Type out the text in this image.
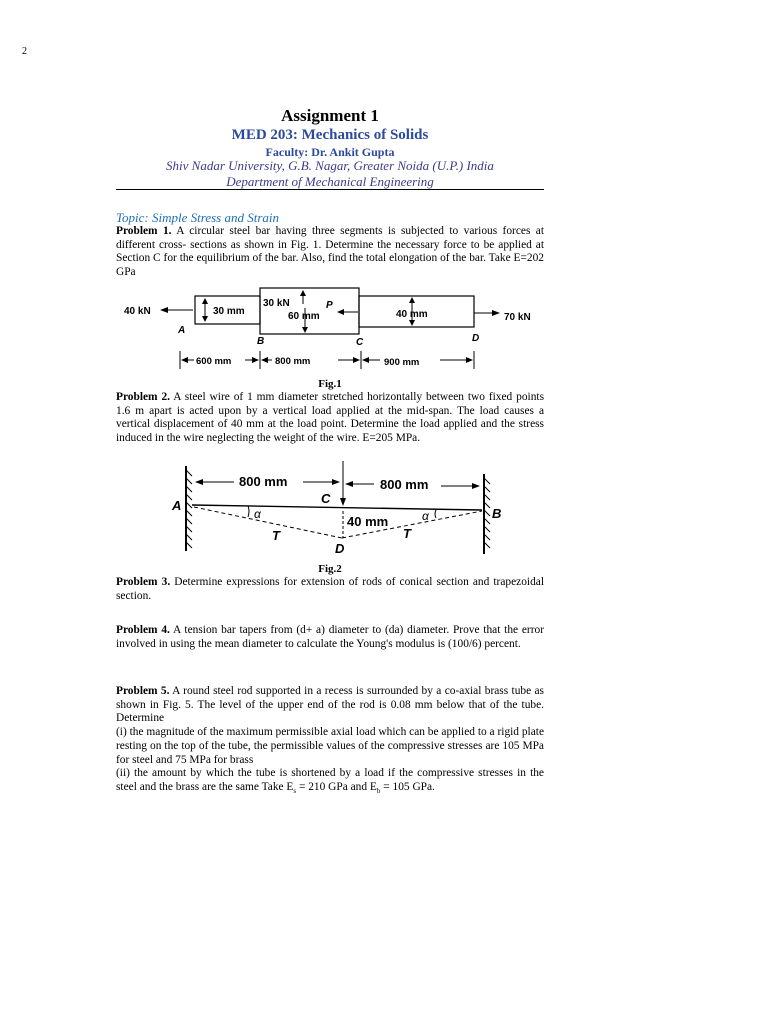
2
Assignment 1
MED 203: Mechanics of Solids
Faculty: Dr. Ankit Gupta
Shiv Nadar University, G.B. Nagar, Greater Noida (U.P.) India
Department of Mechanical Engineering
Topic: Simple Stress and Strain
Problem 1. A circular steel bar having three segments is subjected to various forces at different cross- sections as shown in Fig. 1. Determine the necessary force to be applied at Section C for the equilibrium of the bar. Also, find the total elongation of the bar. Take E=202 GPa
40 kN
70 kN
30 mm
30 kN
60 mm
P
40 mm
A
B	C	D
600 mm	800 mm	900 mm
Fig.1
Problem 2. A steel wire of 1 mm diameter stretched horizontally between two fixed points 1.6 m apart is acted upon by a vertical load applied at the mid-span. The load causes a vertical displacement of 40 mm at the load point. Determine the load applied and the stress induced in the wire neglecting the weight of the wire. E=205 MPa.
800 mm	800 mm
A
B
C
D
40 mm
α	α
T	T
Fig.2
Problem 3. Determine expressions for extension of rods of conical section and trapezoidal section.
Problem 4. A tension bar tapers from (d+ a) diameter to (da) diameter. Prove that the error involved in using the mean diameter to calculate the Young's modulus is (100/6) percent.
Problem 5. A round steel rod supported in a recess is surrounded by a co-axial brass tube as shown in Fig. 5. The level of the upper end of the rod is 0.08 mm below that of the tube. Determine
(i) the magnitude of the maximum permissible axial load which can be applied to a rigid plate resting on the top of the tube, the permissible values of the compressive stresses are 105 MPa for steel and 75 MPa for brass
(ii) the amount by which the tube is shortened by a load if the compressive stresses in the steel and the brass are the same Take $E_s = 210$ GPa and $E_b = 105$ GPa.
